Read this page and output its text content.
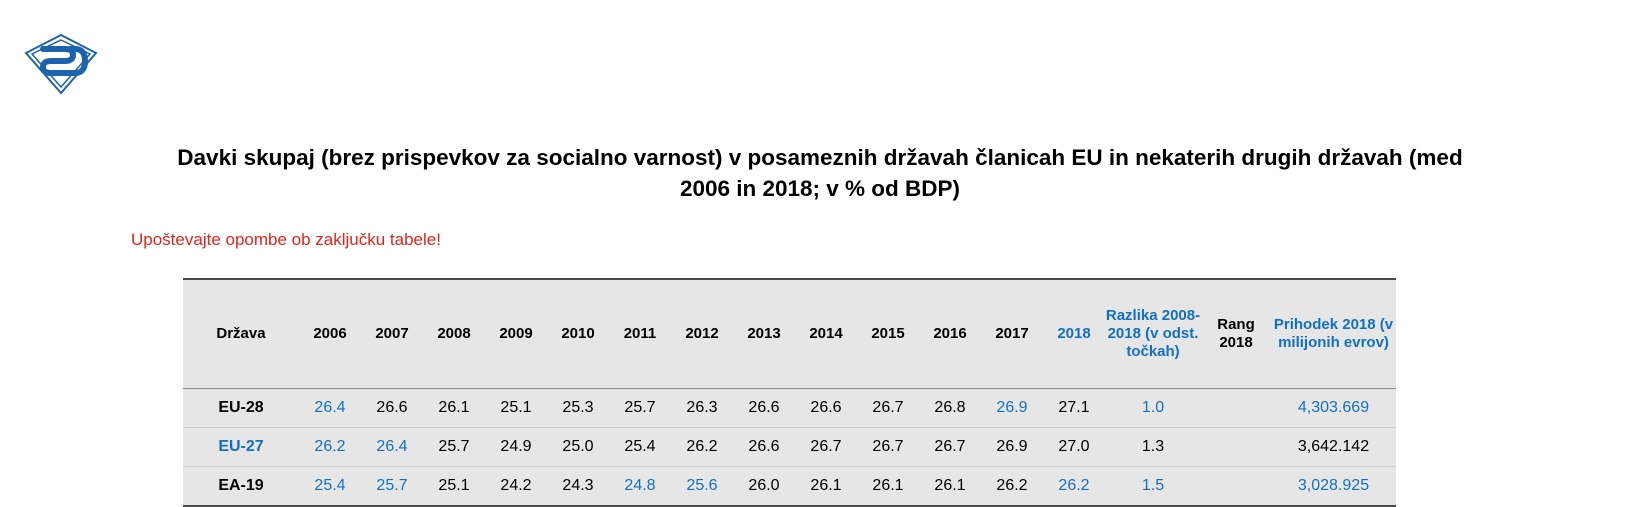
Davki skupaj (brez prispevkov za socialno varnost) v posameznih državah članicah EU in nekaterih drugih državah (med 2006 in 2018; v % od BDP)
Upoštevajte opombe ob zaključku tabele!
Država	2006	2007	2008	2009	2010	2011	2012	2013	2014	2015	2016	2017	2018	Razlika 2008-2018 (v odst. točkah)	Rang 2018	Prihodek 2018 (v milijonih evrov)
EU-28	26.4	26.6	26.1	25.1	25.3	25.7	26.3	26.6	26.6	26.7	26.8	26.9	27.1	1.0		4,303.669
EU-27	26.2	26.4	25.7	24.9	25.0	25.4	26.2	26.6	26.7	26.7	26.7	26.9	27.0	1.3		3,642.142
EA-19	25.4	25.7	25.1	24.2	24.3	24.8	25.6	26.0	26.1	26.1	26.1	26.2	26.2	1.5		3,028.925
